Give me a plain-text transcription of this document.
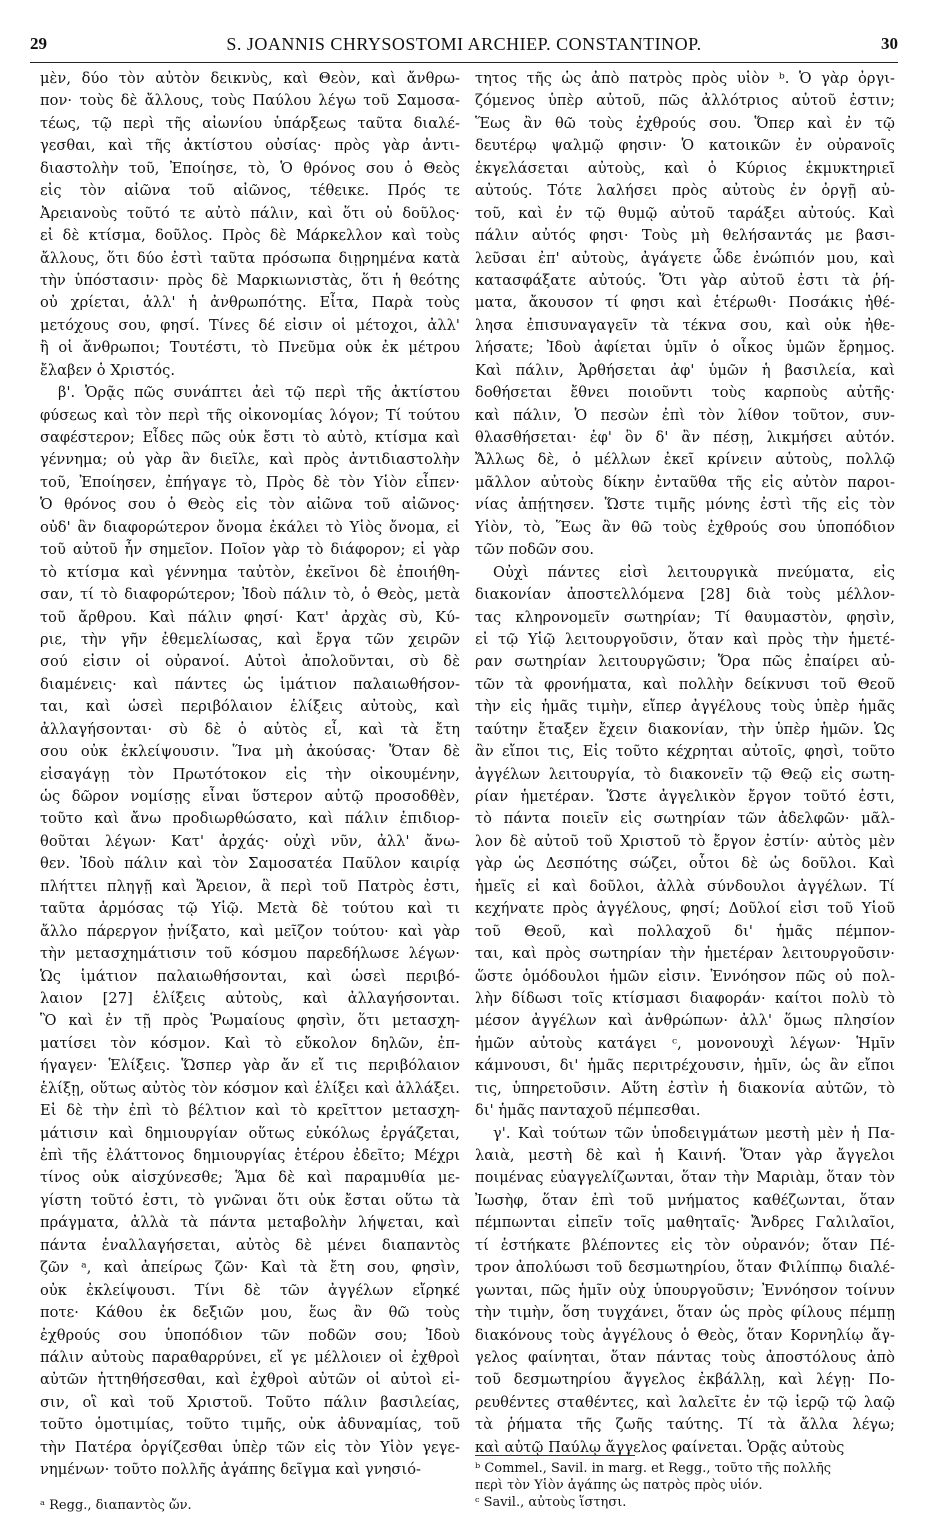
29	S. JOANNIS CHRYSOSTOMI ARCHIEP. CONSTANTINOP.	30
μὲν, δύο τὸν αὐτὸν δεικνὺς, καὶ Θεὸν, καὶ ἄνθρω-
πον· τοὺς δὲ ἄλλους, τοὺς Παύλου λέγω τοῦ Σαμοσα-
τέως, τῷ περὶ τῆς αἰωνίου ὑπάρξεως ταῦτα διαλέ-
γεσθαι, καὶ τῆς ἀκτίστου οὐσίας· πρὸς γὰρ ἀντι-
διαστολὴν τοῦ, Ἐποίησε, τὸ, Ὁ θρόνος σου ὁ Θεὸς
εἰς τὸν αἰῶνα τοῦ αἰῶνος, τέθεικε. Πρός τε
Ἀρειανοὺς τοῦτό τε αὐτὸ πάλιν, καὶ ὅτι οὐ δοῦλος·
εἰ δὲ κτίσμα, δοῦλος. Πρὸς δὲ Μάρκελλον καὶ τοὺς
ἄλλους, ὅτι δύο ἐστὶ ταῦτα πρόσωπα διῃρημένα κατὰ
τὴν ὑπόστασιν· πρὸς δὲ Μαρκιωνιστὰς, ὅτι ἡ θεότης
οὐ χρίεται, ἀλλ' ἡ ἀνθρωπότης. Εἶτα, Παρὰ τοὺς
μετόχους σου, φησί. Τίνες δέ εἰσιν οἱ μέτοχοι, ἀλλ'
ἢ οἱ ἄνθρωποι; Τουτέστι, τὸ Πνεῦμα οὐκ ἐκ μέτρου
ἔλαβεν ὁ Χριστός.
β'. Ὁρᾷς πῶς συνάπτει ἀεὶ τῷ περὶ τῆς ἀκτίστου
φύσεως καὶ τὸν περὶ τῆς οἰκονομίας λόγον; Τί τούτου
σαφέστερον; Εἶδες πῶς οὐκ ἔστι τὸ αὐτὸ, κτίσμα καὶ
γέννημα; οὐ γὰρ ἂν διεῖλε, καὶ πρὸς ἀντιδιαστολὴν
τοῦ, Ἐποίησεν, ἐπήγαγε τὸ, Πρὸς δὲ τὸν Υἱὸν εἶπεν·
Ὁ θρόνος σου ὁ Θεὸς εἰς τὸν αἰῶνα τοῦ αἰῶνος·
οὐδ' ἂν διαφορώτερον ὄνομα ἐκάλει τὸ Υἱὸς ὄνομα, εἰ
τοῦ αὐτοῦ ἦν σημεῖον. Ποῖον γὰρ τὸ διάφορον; εἰ γὰρ
τὸ κτίσμα καὶ γέννημα ταὐτὸν, ἐκεῖνοι δὲ ἐποιήθη-
σαν, τί τὸ διαφορώτερον; Ἰδοὺ πάλιν τὸ, ὁ Θεὸς, μετὰ
τοῦ ἄρθρου. Καὶ πάλιν φησί· Κατ' ἀρχὰς σὺ, Κύ-
ριε, τὴν γῆν ἐθεμελίωσας, καὶ ἔργα τῶν χειρῶν
σού εἰσιν οἱ οὐρανοί. Αὐτοὶ ἀπολοῦνται, σὺ δὲ
διαμένεις· καὶ πάντες ὡς ἱμάτιον παλαιωθήσον-
ται, καὶ ὡσεὶ περιβόλαιον ἑλίξεις αὐτοὺς, καὶ
ἀλλαγήσονται· σὺ δὲ ὁ αὐτὸς εἶ, καὶ τὰ ἔτη
σου οὐκ ἐκλείψουσιν. Ἵνα μὴ ἀκούσας· Ὅταν δὲ
εἰσαγάγῃ τὸν Πρωτότοκον εἰς τὴν οἰκουμένην,
ὡς δῶρον νομίσῃς εἶναι ὕστερον αὐτῷ προσοδθὲν,
τοῦτο καὶ ἄνω προδιωρθώσατο, καὶ πάλιν ἐπιδιορ-
θοῦται λέγων· Κατ' ἀρχάς· οὐχὶ νῦν, ἀλλ' ἄνω-
θεν. Ἰδοὺ πάλιν καὶ τὸν Σαμοσατέα Παῦλον καιρίᾳ
πλήττει πληγῇ καὶ Ἄρειον, ἃ περὶ τοῦ Πατρὸς ἐστι,
ταῦτα ἁρμόσας τῷ Υἱῷ. Μετὰ δὲ τούτου καὶ τι
ἄλλο πάρεργον ᾐνίξατο, καὶ μεῖζον τούτου· καὶ γὰρ
τὴν μετασχημάτισιν τοῦ κόσμου παρεδήλωσε λέγων·
Ὡς ἱμάτιον παλαιωθήσονται, καὶ ὡσεὶ περιβό-
λαιον [27] ἑλίξεις αὐτοὺς, καὶ ἀλλαγήσονται.
Ὃ καὶ ἐν τῇ πρὸς Ῥωμαίους φησὶν, ὅτι μετασχη-
ματίσει τὸν κόσμον. Καὶ τὸ εὔκολον δηλῶν, ἐπ-
ήγαγεν· Ἑλίξεις. Ὥσπερ γὰρ ἄν εἴ τις περιβόλαιον
ἑλίξῃ, οὕτως αὐτὸς τὸν κόσμον καὶ ἑλίξει καὶ ἀλλάξει.
Εἰ δὲ τὴν ἐπὶ τὸ βέλτιον καὶ τὸ κρεῖττον μετασχη-
μάτισιν καὶ δημιουργίαν οὕτως εὐκόλως ἐργάζεται,
ἐπὶ τῆς ἐλάττονος δημιουργίας ἑτέρου ἐδεῖτο; Μέχρι
τίνος οὐκ αἰσχύνεσθε; Ἅμα δὲ καὶ παραμυθία με-
γίστη τοῦτό ἐστι, τὸ γνῶναι ὅτι οὐκ ἔσται οὕτω τὰ
πράγματα, ἀλλὰ τὰ πάντα μεταβολὴν λήψεται, καὶ
πάντα ἐναλλαγήσεται, αὐτὸς δὲ μένει διαπαντὸς
ζῶν ᵃ, καὶ ἀπείρως ζῶν· Καὶ τὰ ἔτη σου, φησὶν,
οὐκ ἐκλείψουσι. Τίνι δὲ τῶν ἀγγέλων εἴρηκέ
ποτε· Κάθου ἐκ δεξιῶν μου, ἕως ἂν θῶ τοὺς
ἐχθρούς σου ὑποπόδιον τῶν ποδῶν σου; Ἰδοὺ
πάλιν αὐτοὺς παραθαρρύνει, εἴ γε μέλλοιεν οἱ ἐχθροὶ
αὐτῶν ἡττηθήσεσθαι, καὶ ἐχθροὶ αὐτῶν οἱ αὐτοὶ εἰ-
σιν, οἳ καὶ τοῦ Χριστοῦ. Τοῦτο πάλιν βασιλείας,
τοῦτο ὁμοτιμίας, τοῦτο τιμῆς, οὐκ ἀδυναμίας, τοῦ
τὴν Πατέρα ὀργίζεσθαι ὑπὲρ τῶν εἰς τὸν Υἱὸν γεγε-
νημένων· τοῦτο πολλῆς ἀγάπης δεῖγμα καὶ γνησιό-
τητος τῆς ὡς ἀπὸ πατρὸς πρὸς υἱὸν ᵇ. Ὁ γὰρ ὀργι-
ζόμενος ὑπὲρ αὐτοῦ, πῶς ἀλλότριος αὐτοῦ ἐστιν;
Ἕως ἂν θῶ τοὺς ἐχθρούς σου. Ὅπερ καὶ ἐν τῷ
δευτέρῳ ψαλμῷ φησιν· Ὁ κατοικῶν ἐν οὐρανοῖς
ἐκγελάσεται αὐτοὺς, καὶ ὁ Κύριος ἐκμυκτηριεῖ
αὐτούς. Τότε λαλήσει πρὸς αὐτοὺς ἐν ὀργῇ αὐ-
τοῦ, καὶ ἐν τῷ θυμῷ αὐτοῦ ταράξει αὐτούς. Καὶ
πάλιν αὐτός φησι· Τοὺς μὴ θελήσαντάς με βασι-
λεῦσαι ἐπ' αὐτοὺς, ἀγάγετε ὧδε ἐνώπιόν μου, καὶ
κατασφάξατε αὐτούς. Ὅτι γὰρ αὐτοῦ ἐστι τὰ ῥή-
ματα, ἄκουσον τί φησι καὶ ἑτέρωθι· Ποσάκις ἠθέ-
λησα ἐπισυναγαγεῖν τὰ τέκνα σου, καὶ οὐκ ἠθε-
λήσατε; Ἰδοὺ ἀφίεται ὑμῖν ὁ οἶκος ὑμῶν ἔρημος.
Καὶ πάλιν, Ἀρθήσεται ἀφ' ὑμῶν ἡ βασιλεία, καὶ
δοθήσεται ἔθνει ποιοῦντι τοὺς καρποὺς αὐτῆς·
καὶ πάλιν, Ὁ πεσὼν ἐπὶ τὸν λίθον τοῦτον, συν-
θλασθήσεται· ἐφ' ὃν δ' ἂν πέσῃ, λικμήσει αὐτόν.
Ἄλλως δὲ, ὁ μέλλων ἐκεῖ κρίνειν αὐτοὺς, πολλῷ
μᾶλλον αὐτοὺς δίκην ἐνταῦθα τῆς εἰς αὐτὸν παροι-
νίας ἀπῄτησεν. Ὥστε τιμῆς μόνης ἐστὶ τῆς εἰς τὸν
Υἱὸν, τὸ, Ἕως ἂν θῶ τοὺς ἐχθρούς σου ὑποπόδιον
τῶν ποδῶν σου.
Οὐχὶ πάντες εἰσὶ λειτουργικὰ πνεύματα, εἰς
διακονίαν ἀποστελλόμενα [28] διὰ τοὺς μέλλον-
τας κληρονομεῖν σωτηρίαν; Τί θαυμαστὸν, φησὶν,
εἰ τῷ Υἱῷ λειτουργοῦσιν, ὅταν καὶ πρὸς τὴν ἡμετέ-
ραν σωτηρίαν λειτουργῶσιν; Ὅρα πῶς ἐπαίρει αὐ-
τῶν τὰ φρονήματα, καὶ πολλὴν δείκνυσι τοῦ Θεοῦ
τὴν εἰς ἡμᾶς τιμὴν, εἴπερ ἀγγέλους τοὺς ὑπὲρ ἡμᾶς
ταύτην ἔταξεν ἔχειν διακονίαν, τὴν ὑπὲρ ἡμῶν. Ὡς
ἂν εἴποι τις, Εἰς τοῦτο κέχρηται αὐτοῖς, φησὶ, τοῦτο
ἀγγέλων λειτουργία, τὸ διακονεῖν τῷ Θεῷ εἰς σωτη-
ρίαν ἡμετέραν. Ὥστε ἀγγελικὸν ἔργον τοῦτό ἐστι,
τὸ πάντα ποιεῖν εἰς σωτηρίαν τῶν ἀδελφῶν· μᾶλ-
λον δὲ αὐτοῦ τοῦ Χριστοῦ τὸ ἔργον ἐστίν· αὐτὸς μὲν
γὰρ ὡς Δεσπότης σώζει, οὗτοι δὲ ὡς δοῦλοι. Καὶ
ἡμεῖς εἰ καὶ δοῦλοι, ἀλλὰ σύνδουλοι ἀγγέλων. Τί
κεχήνατε πρὸς ἀγγέλους, φησί; Δοῦλοί εἰσι τοῦ Υἱοῦ
τοῦ Θεοῦ, καὶ πολλαχοῦ δι' ἡμᾶς πέμπον-
ται, καὶ πρὸς σωτηρίαν τὴν ἡμετέραν λειτουργοῦσιν·
ὥστε ὁμόδουλοι ἡμῶν εἰσιν. Ἐννόησον πῶς οὐ πολ-
λὴν δίδωσι τοῖς κτίσμασι διαφοράν· καίτοι πολὺ τὸ
μέσον ἀγγέλων καὶ ἀνθρώπων· ἀλλ' ὅμως πλησίον
ἡμῶν αὐτοὺς κατάγει ᶜ, μονονουχὶ λέγων· Ἡμῖν
κάμνουσι, δι' ἡμᾶς περιτρέχουσιν, ἡμῖν, ὡς ἂν εἴποι
τις, ὑπηρετοῦσιν. Αὕτη ἐστὶν ἡ διακονία αὐτῶν, τὸ
δι' ἡμᾶς πανταχοῦ πέμπεσθαι.
γ'. Καὶ τούτων τῶν ὑποδειγμάτων μεστὴ μὲν ἡ Πα-
λαιὰ, μεστὴ δὲ καὶ ἡ Καινή. Ὅταν γὰρ ἄγγελοι
ποιμένας εὐαγγελίζωνται, ὅταν τὴν Μαριὰμ, ὅταν τὸν
Ἰωσὴφ, ὅταν ἐπὶ τοῦ μνήματος καθέζωνται, ὅταν
πέμπωνται εἰπεῖν τοῖς μαθηταῖς· Ἄνδρες Γαλιλαῖοι,
τί ἑστήκατε βλέποντες εἰς τὸν οὐρανόν; ὅταν Πέ-
τρον ἀπολύωσι τοῦ δεσμωτηρίου, ὅταν Φιλίππῳ διαλέ-
γωνται, πῶς ἡμῖν οὐχ ὑπουργοῦσιν; Ἐννόησον τοίνυν
τὴν τιμὴν, ὅση τυγχάνει, ὅταν ὡς πρὸς φίλους πέμπῃ
διακόνους τοὺς ἀγγέλους ὁ Θεὸς, ὅταν Κορνηλίῳ ἄγ-
γελος φαίνηται, ὅταν πάντας τοὺς ἀποστόλους ἀπὸ
τοῦ δεσμωτηρίου ἄγγελος ἐκβάλλῃ, καὶ λέγῃ· Πο-
ρευθέντες σταθέντες, καὶ λαλεῖτε ἐν τῷ ἱερῷ τῷ λαῷ
τὰ ῥήματα τῆς ζωῆς ταύτης. Τί τὰ ἄλλα λέγω;
καὶ αὐτῷ Παύλῳ ἄγγελος φαίνεται. Ὁρᾷς αὐτοὺς
ᵃ Regg., διαπαντὸς ὤν.
ᵇ Commel., Savil. in marg. et Regg., τοῦτο τῆς πολλῆς
περὶ τὸν Υἱὸν ἀγάπης ὡς πατρὸς πρὸς υἱόν.
ᶜ Savil., αὐτοὺς ἵστησι.
